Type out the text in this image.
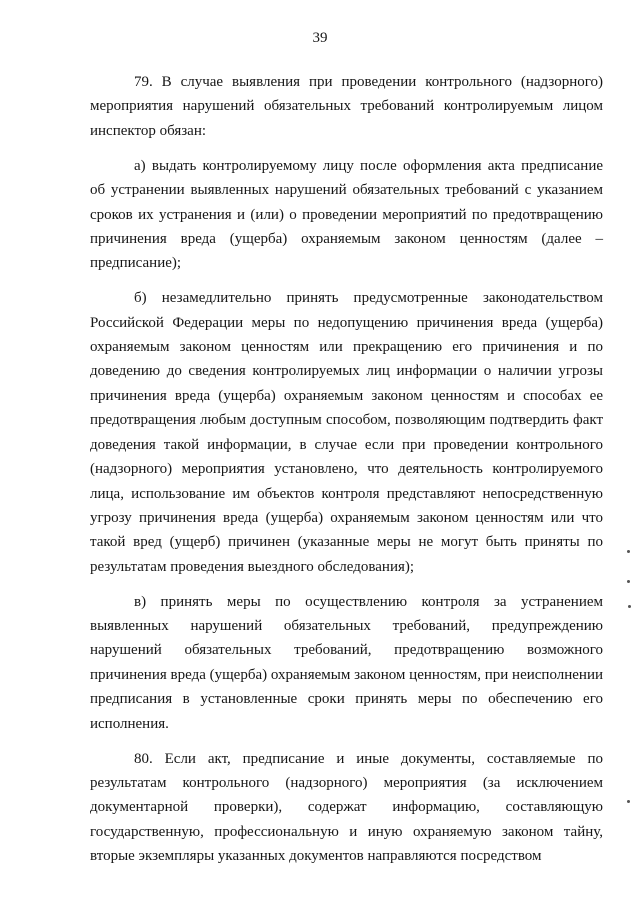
39

79. В случае выявления при проведении контрольного (надзорного) мероприятия нарушений обязательных требований контролируемым лицом инспектор обязан:

а) выдать контролируемому лицу после оформления акта предписание об устранении выявленных нарушений обязательных требований с указанием сроков их устранения и (или) о проведении мероприятий по предотвращению причинения вреда (ущерба) охраняемым законом ценностям (далее – предписание);

б) незамедлительно принять предусмотренные законодательством Российской Федерации меры по недопущению причинения вреда (ущерба) охраняемым законом ценностям или прекращению его причинения и по доведению до сведения контролируемых лиц информации о наличии угрозы причинения вреда (ущерба) охраняемым законом ценностям и способах ее предотвращения любым доступным способом, позволяющим подтвердить факт доведения такой информации, в случае если при проведении контрольного (надзорного) мероприятия установлено, что деятельность контролируемого лица, использование им объектов контроля представляют непосредственную угрозу причинения вреда (ущерба) охраняемым законом ценностям или что такой вред (ущерб) причинен (указанные меры не могут быть приняты по результатам проведения выездного обследования);

в) принять меры по осуществлению контроля за устранением выявленных нарушений обязательных требований, предупреждению нарушений обязательных требований, предотвращению возможного причинения вреда (ущерба) охраняемым законом ценностям, при неисполнении предписания в установленные сроки принять меры по обеспечению его исполнения.

80. Если акт, предписание и иные документы, составляемые по результатам контрольного (надзорного) мероприятия (за исключением документарной проверки), содержат информацию, составляющую государственную, профессиональную и иную охраняемую законом тайну, вторые экземпляры указанных документов направляются посредством
